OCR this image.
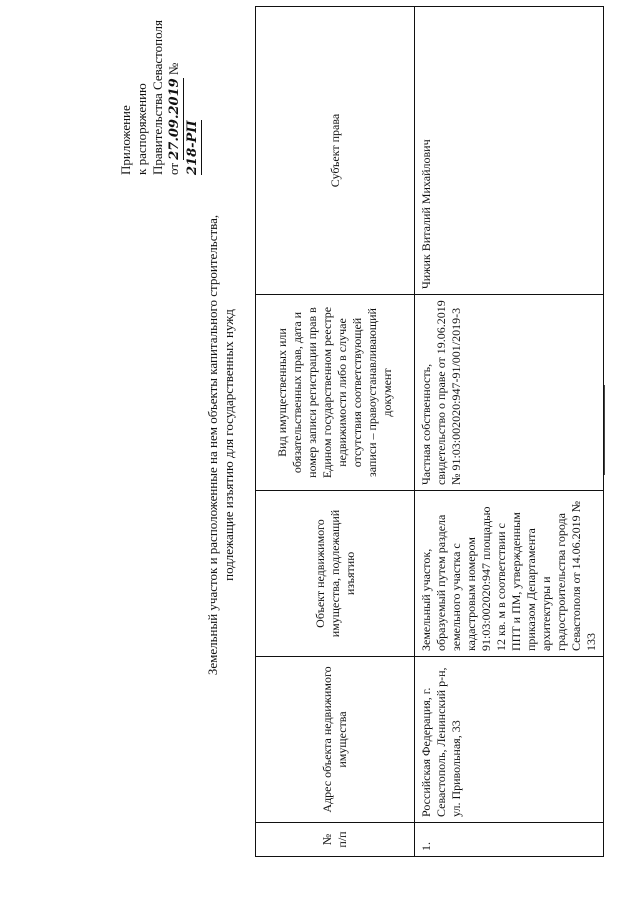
Приложение к распоряжению Правительства Севастополя от 27.09.2019 № 218-РП
Земельный участок и расположенные на нем объекты капитального строительства, подлежащие изъятию для государственных нужд
№ п/п	Адрес объекта недвижимого имущества	Объект недвижимого имущества, подлежащий изъятию	Вид имущественных или обязательственных прав, дата и номер записи регистрации прав в Едином государственном реестре недвижимости либо в случае отсутствия соответствующей записи – правоустанавливающий документ	Субъект права
1.	Российская Федерация, г. Севастополь, Ленинский р-н, ул. Привольная, 33	Земельный участок, образуемый путем раздела земельного участка с кадастровым номером 91:03:002020:947 площадью 12 кв. м в соответствии с ППТ и ПМ, утвержденным приказом Департамента архитектуры и градостроительства города Севастополя от 14.06.2019 № 133	Частная собственность, свидетельство о праве от 19.06.2019 № 91:03:002020:947-91/001/2019-3	Чижик Виталий Михайлович
